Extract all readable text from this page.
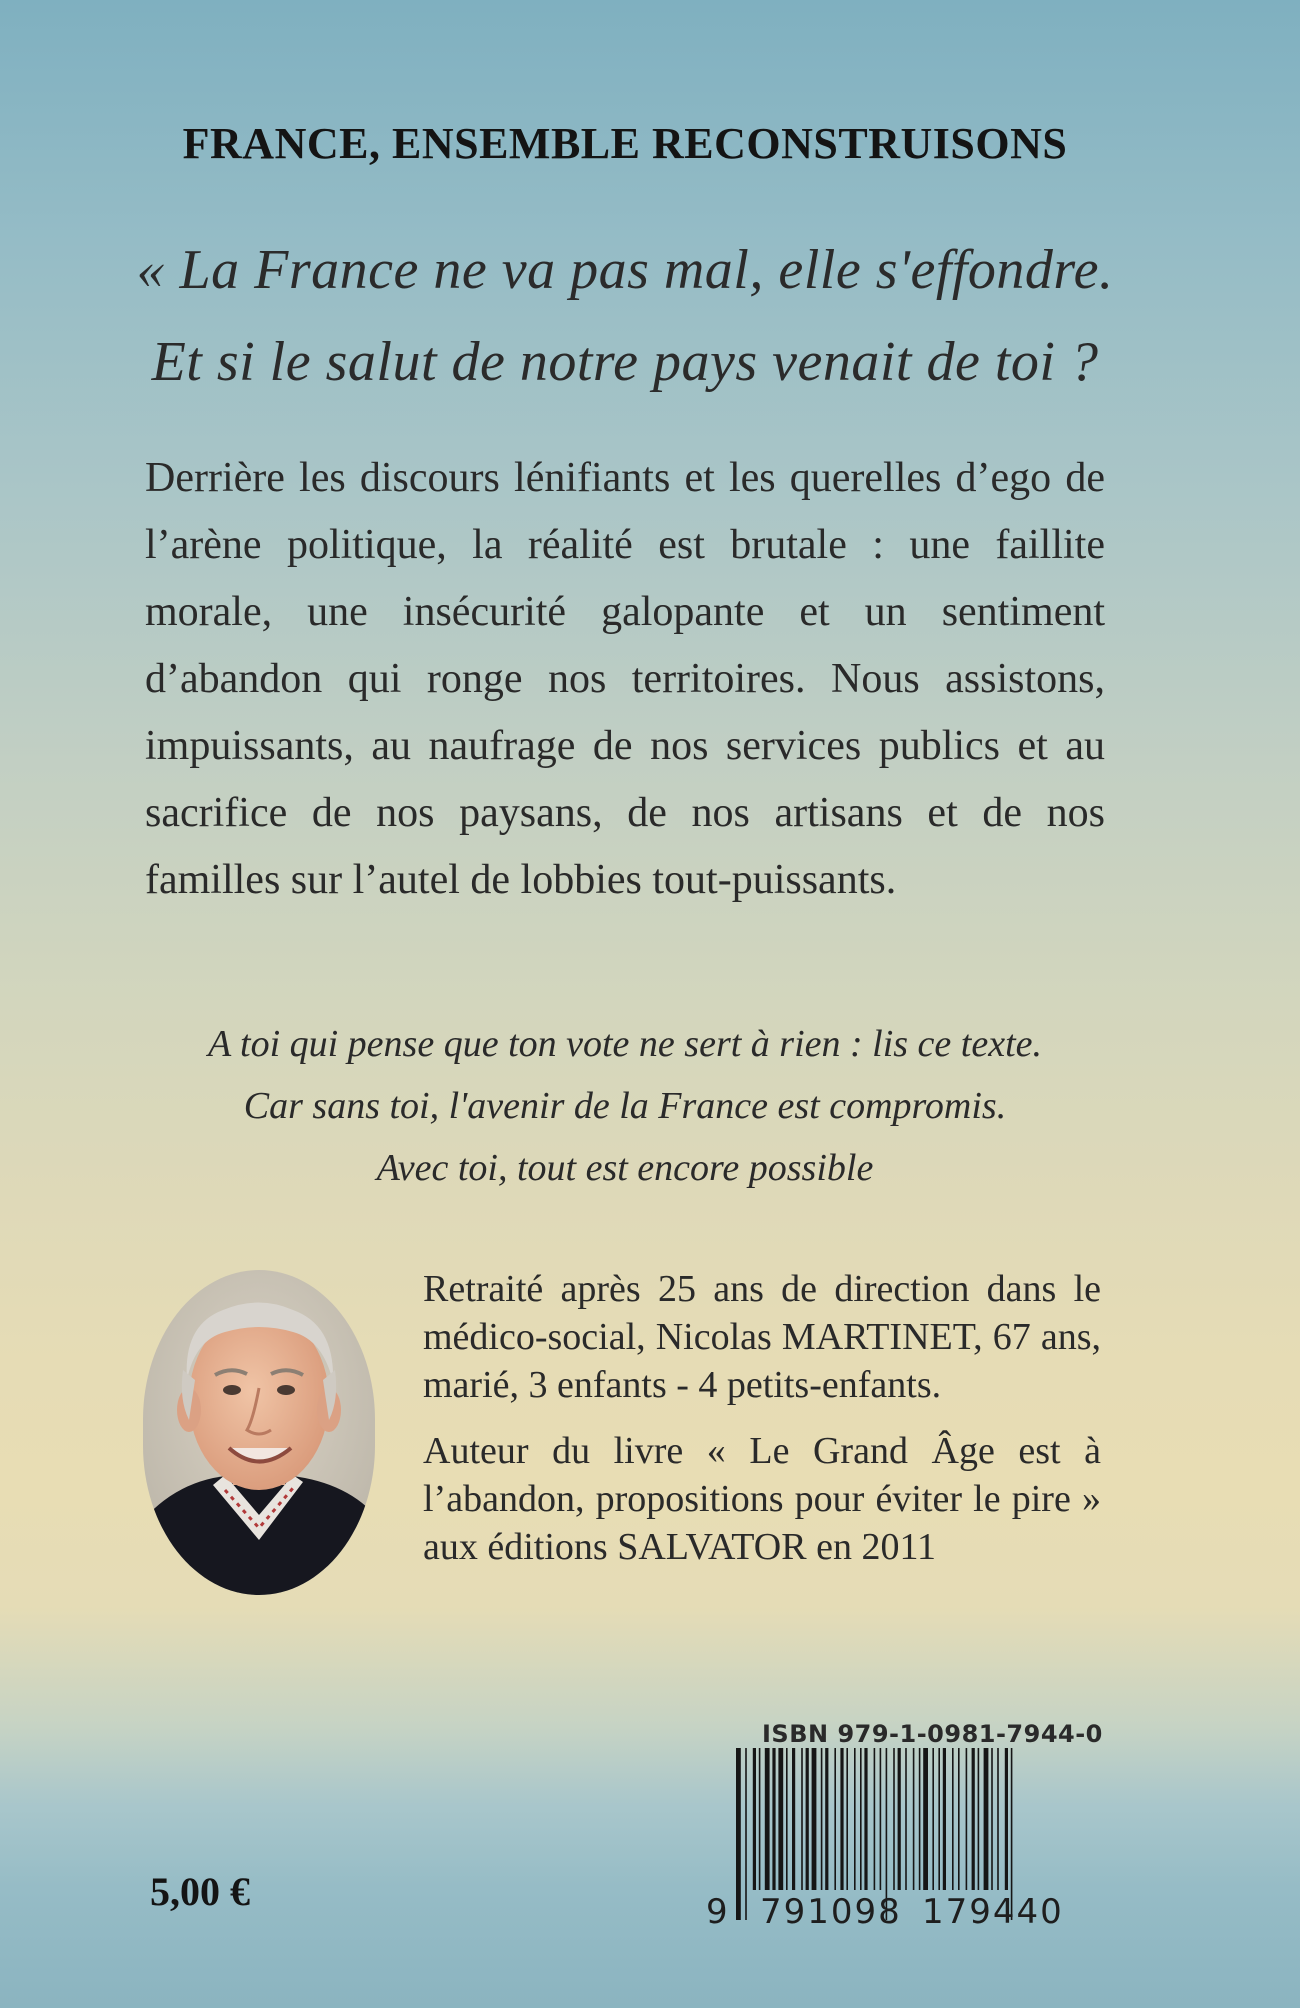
FRANCE, ENSEMBLE RECONSTRUISONS
« La France ne va pas mal, elle s'effondre.
Et si le salut de notre pays venait de toi ?
Derrière les discours lénifiants et les querelles d’ego de l’arène politique, la réalité est brutale : une faillite morale, une insécurité galopante et un sentiment d’abandon qui ronge nos territoires. Nous assistons, impuissants, au naufrage de nos services publics et au sacrifice de nos paysans, de nos artisans et de nos familles sur l’autel de lobbies tout-puissants.
A toi qui pense que ton vote ne sert à rien : lis ce texte.
Car sans toi, l'avenir de la France est compromis.
Avec toi, tout est encore possible

Retraité après 25 ans de direction dans le médico-social, Nicolas MARTINET, 67 ans, marié, 3 enfants - 4 petits-enfants.

Auteur du livre « Le Grand Âge est à l’abandon, propositions pour éviter le pire » aux éditions SALVATOR en 2011

ISBN 979-1-0981-7944-0
9 791098 179440
5,00 €
